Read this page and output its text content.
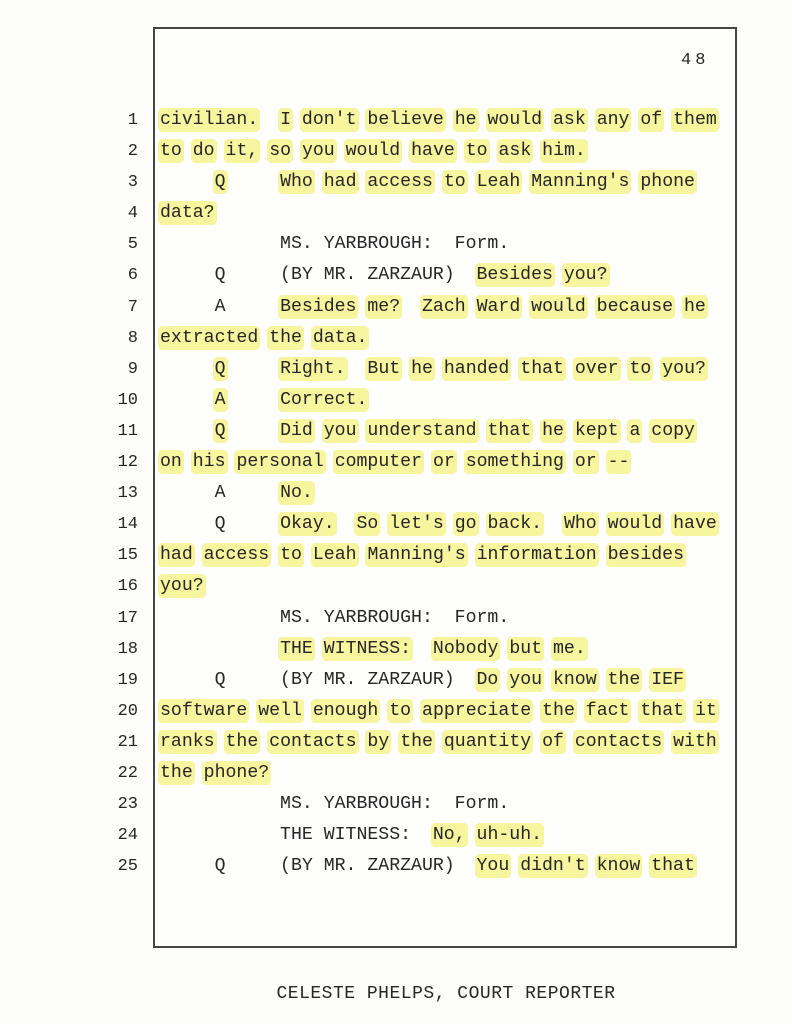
48
1 civilian. I don't believe he would ask any of them
2 to do it, so you would have to ask him.
3	Q	Who had access to Leah Manning's phone
4 data?
5 MS. YARBROUGH:  Form.
6 Q     (BY MR. ZARZAUR)  Besides you?
7 A     Besides me? Zach Ward would because he
8 extracted the data.
9	Q	Right. But he handed that over to you?
10	A	Correct.
11	Q	Did you understand that he kept a copy
12 on his personal computer or something or --
13 A     No.
14 Q     Okay. So let's go back. Who would have
15 had access to Leah Manning's information besides
16 you?
17 MS. YARBROUGH:  Form.
18	THE WITNESS: Nobody but me.
19 Q     (BY MR. ZARZAUR)  Do you know the IEF
20 software well enough to appreciate the fact that it
21 ranks the contacts by the quantity of contacts with
22 the phone?
23 MS. YARBROUGH:  Form.
24 THE WITNESS:  No, uh-uh.
25 Q     (BY MR. ZARZAUR)  You didn't know that
CELESTE PHELPS, COURT REPORTER
